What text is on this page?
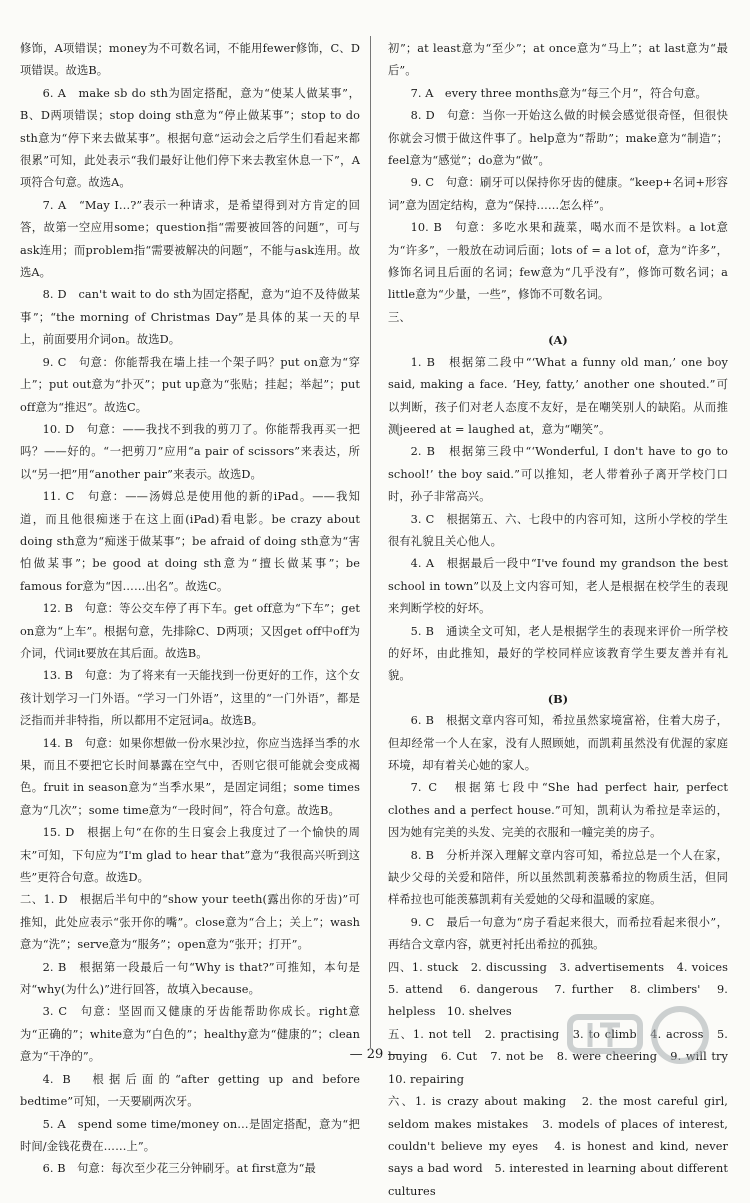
修饰，A项错误；money为不可数名词，不能用fewer修饰，C、D项错误。故选B。

6. A　make sb do sth为固定搭配，意为“使某人做某事”，B、D两项错误；stop doing sth意为“停止做某事”；stop to do sth意为“停下来去做某事”。根据句意“运动会之后学生们看起来都很累”可知，此处表示“我们最好让他们停下来去教室休息一下”，A项符合句意。故选A。

7. A　“May I…?”表示一种请求，是希望得到对方肯定的回答，故第一空应用some；question指“需要被回答的问题”，可与ask连用；而problem指“需要被解决的问题”，不能与ask连用。故选A。

8. D　can't wait to do sth为固定搭配，意为“迫不及待做某事”；“the morning of Christmas Day”是具体的某一天的早上，前面要用介词on。故选D。

9. C　句意：你能帮我在墙上挂一个架子吗？put on意为“穿上”；put out意为“扑灭”；put up意为“张贴；挂起；举起”；put off意为“推迟”。故选C。

10. D　句意：——我找不到我的剪刀了。你能帮我再买一把吗？——好的。“一把剪刀”应用“a pair of scissors”来表达，所以“另一把”用“another pair”来表示。故选D。

11. C　句意：——汤姆总是使用他的新的iPad。——我知道，而且他很痴迷于在这上面(iPad)看电影。be crazy about doing sth意为“痴迷于做某事”；be afraid of doing sth意为“害怕做某事”；be good at doing sth意为“擅长做某事”；be famous for意为“因……出名”。故选C。

12. B　句意：等公交车停了再下车。get off意为“下车”；get on意为“上车”。根据句意，先排除C、D两项；又因get off中off为介词，代词it要放在其后面。故选B。

13. B　句意：为了将来有一天能找到一份更好的工作，这个女孩计划学习一门外语。“学习一门外语”，这里的“一门外语”，都是泛指而并非特指，所以都用不定冠词a。故选B。

14. B　句意：如果你想做一份水果沙拉，你应当选择当季的水果，而且不要把它长时间暴露在空气中，否则它很可能就会变成褐色。fruit in season意为“当季水果”，是固定词组；some times意为“几次”；some time意为“一段时间”，符合句意。故选B。

15. D　根据上句“在你的生日宴会上我度过了一个愉快的周末”可知，下句应为“I'm glad to hear that”意为“我很高兴听到这些”更符合句意。故选D。

二、1. D　根据后半句中的“show your teeth(露出你的牙齿)”可推知，此处应表示“张开你的嘴”。close意为“合上；关上”；wash意为“洗”；serve意为“服务”；open意为“张开；打开”。

2. B　根据第一段最后一句“Why is that?”可推知，本句是对“why(为什么)”进行回答，故填入because。

3. C　句意：坚固而又健康的牙齿能帮助你成长。right意为“正确的”；white意为“白色的”；healthy意为“健康的”；clean意为“干净的”。

4. B　根据后面的“after getting up and before bedtime”可知，一天要刷两次牙。

5. A　spend some time/money on…是固定搭配，意为“把时间/金钱花费在……上”。

6. B　句意：每次至少花三分钟刷牙。at first意为“最

初”；at least意为“至少”；at once意为“马上”；at last意为“最后”。

7. A　every three months意为“每三个月”，符合句意。

8. D　句意：当你一开始这么做的时候会感觉很奇怪，但很快你就会习惯于做这件事了。help意为“帮助”；make意为“制造”；feel意为“感觉”；do意为“做”。

9. C　句意：刷牙可以保持你牙齿的健康。“keep+名词+形容词”意为固定结构，意为“保持……怎么样”。

10. B　句意：多吃水果和蔬菜，喝水而不是饮料。a lot意为“许多”，一般放在动词后面；lots of = a lot of，意为“许多”，修饰名词且后面的名词；few意为“几乎没有”，修饰可数名词；a little意为“少量，一些”，修饰不可数名词。

三、

(A)

1. B　根据第二段中“‘What a funny old man,’ one boy said, making a face. ‘Hey, fatty,’ another one shouted.”可以判断，孩子们对老人态度不友好，是在嘲笑别人的缺陷。从而推测jeered at = laughed at，意为“嘲笑”。

2. B　根据第三段中“‘Wonderful, I don't have to go to school!’ the boy said.”可以推知，老人带着孙子离开学校门口时，孙子非常高兴。

3. C　根据第五、六、七段中的内容可知，这所小学校的学生很有礼貌且关心他人。

4. A　根据最后一段中“I've found my grandson the best school in town”以及上文内容可知，老人是根据在校学生的表现来判断学校的好坏。

5. B　通读全文可知，老人是根据学生的表现来评价一所学校的好坏，由此推知，最好的学校同样应该教育学生要友善并有礼貌。

(B)

6. B　根据文章内容可知，希拉虽然家境富裕，住着大房子，但却经常一个人在家，没有人照顾她，而凯莉虽然没有优渥的家庭环境，却有着关心她的家人。

7. C　根据第七段中“She had perfect hair, perfect clothes and a perfect house.”可知，凯莉认为希拉是幸运的，因为她有完美的头发、完美的衣服和一幢完美的房子。

8. B　分析并深入理解文章内容可知，希拉总是一个人在家，缺少父母的关爱和陪伴，所以虽然凯莉羡慕希拉的物质生活，但同样希拉也可能羡慕凯莉有关爱她的父母和温暖的家庭。

9. C　最后一句意为“房子看起来很大，而希拉看起来很小”，再结合文章内容，就更衬托出希拉的孤独。

四、1. stuck　2. discussing　3. advertisements　4. voices　5. attend　6. dangerous　7. further　8. climbers'　9. helpless　10. shelves

五、1. not tell　2. practising　3. to climb　4. across　5. buying　6. Cut　7. not be　8. were cheering　9. will try　10. repairing

六、1. is crazy about making　2. the most careful girl, seldom makes mistakes　3. models of places of interest, couldn't believe my eyes　4. is honest and kind, never says a bad word　5. interested in learning about different cultures

— 29 —
